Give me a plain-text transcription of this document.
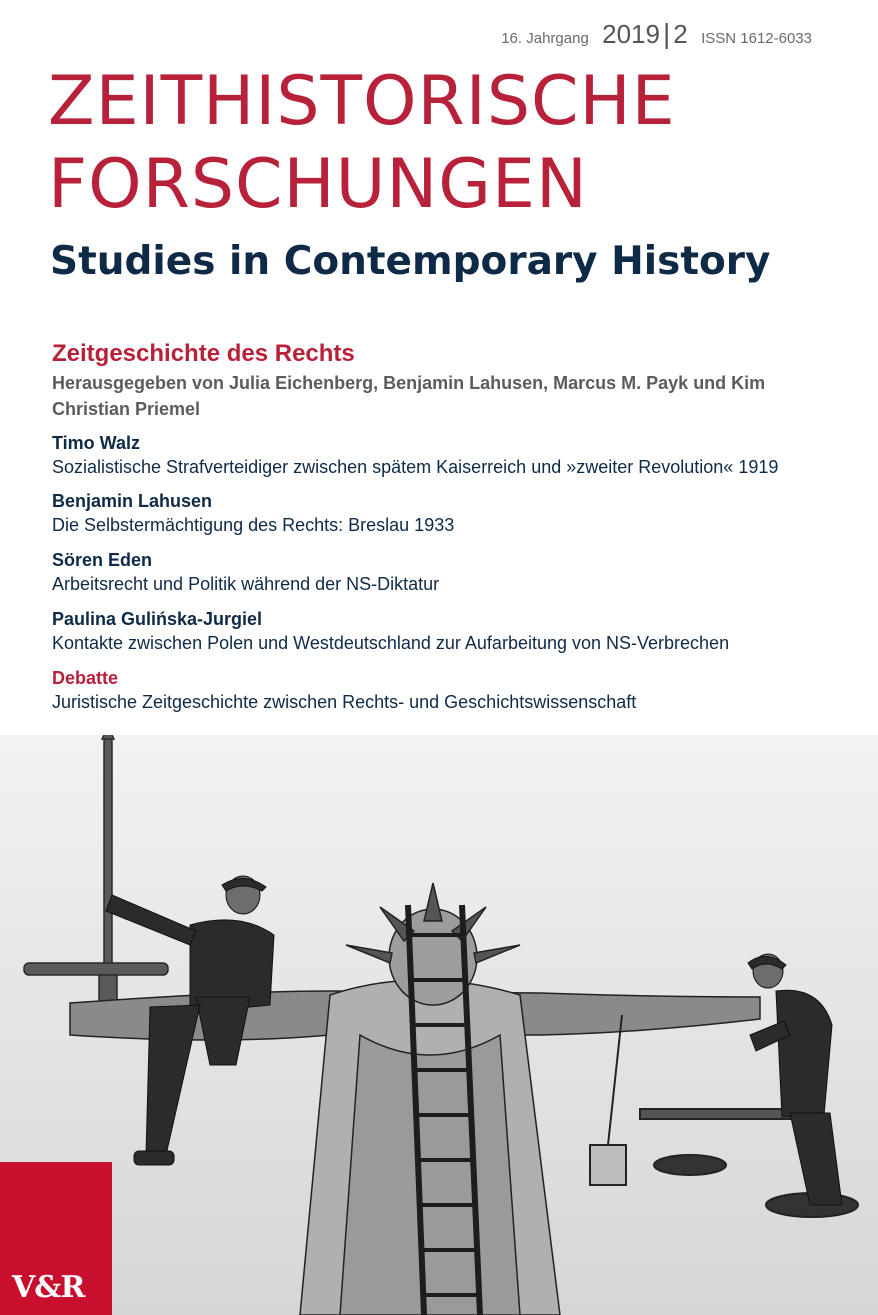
16. Jahrgang 2019 | 2 ISSN 1612-6033
ZEITHISTORISCHE
FORSCHUNGEN
Studies in Contemporary History
Zeitgeschichte des Rechts
Herausgegeben von Julia Eichenberg, Benjamin Lahusen, Marcus M. Payk und Kim Christian Priemel
Timo Walz
Sozialistische Strafverteidiger zwischen spätem Kaiserreich und »zweiter Revolution« 1919
Benjamin Lahusen
Die Selbstermächtigung des Rechts: Breslau 1933
Sören Eden
Arbeitsrecht und Politik während der NS-Diktatur
Paulina Gulińska-Jurgiel
Kontakte zwischen Polen und Westdeutschland zur Aufarbeitung von NS-Verbrechen
Debatte
Juristische Zeitgeschichte zwischen Rechts- und Geschichtswissenschaft
V&R
